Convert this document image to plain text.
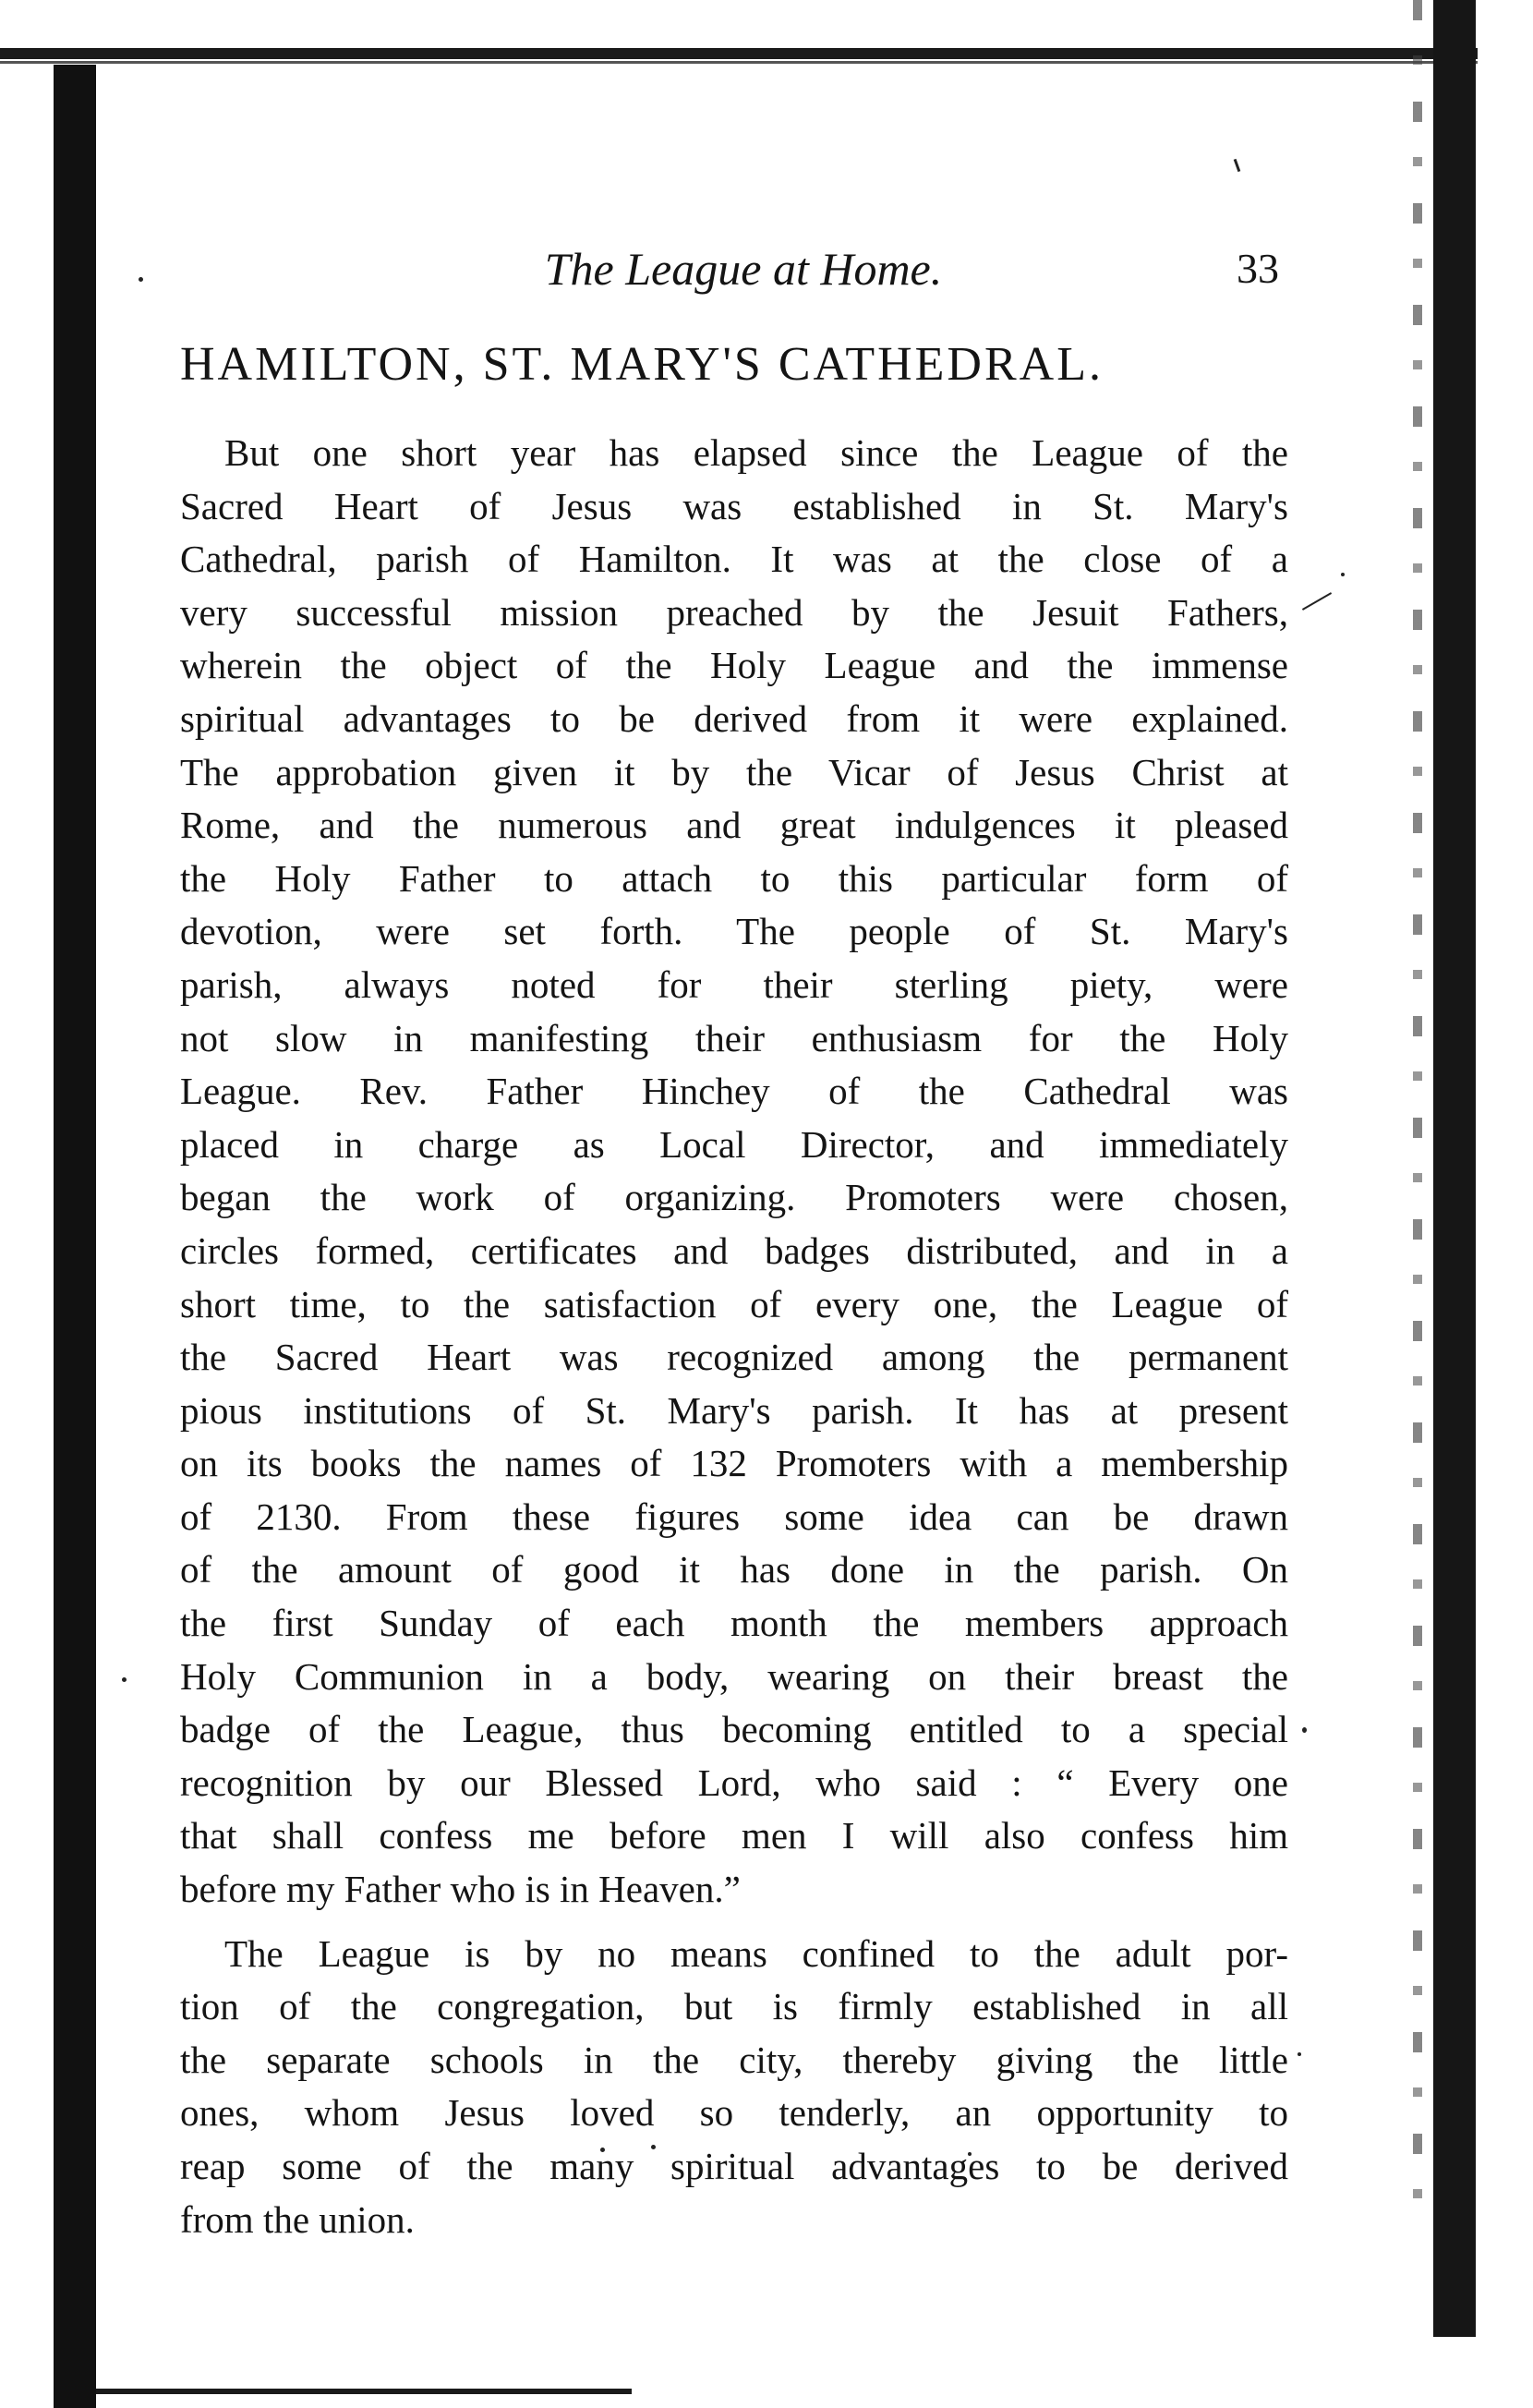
The League at Home.	33
HAMILTON, ST. MARY'S CATHEDRAL.

But one short year has elapsed since the League of the
Sacred Heart of Jesus was established in St. Mary's
Cathedral, parish of Hamilton. It was at the close of a
very successful mission preached by the Jesuit Fathers,
wherein the object of the Holy League and the immense
spiritual advantages to be derived from it were explained.
The approbation given it by the Vicar of Jesus Christ at
Rome, and the numerous and great indulgences it pleased
the Holy Father to attach to this particular form of
devotion, were set forth. The people of St. Mary's
parish, always noted for their sterling piety, were
not slow in manifesting their enthusiasm for the Holy
League. Rev. Father Hinchey of the Cathedral was
placed in charge as Local Director, and immediately
began the work of organizing. Promoters were chosen,
circles formed, certificates and badges distributed, and in a
short time, to the satisfaction of every one, the League of
the Sacred Heart was recognized among the permanent
pious institutions of St. Mary's parish. It has at present
on its books the names of 132 Promoters with a membership
of 2130. From these figures some idea can be drawn
of the amount of good it has done in the parish. On
the first Sunday of each month the members approach
Holy Communion in a body, wearing on their breast the
badge of the League, thus becoming entitled to a special
recognition by our Blessed Lord, who said : “ Every one
that shall confess me before men I will also confess him
before my Father who is in Heaven.”

The League is by no means confined to the adult por-
tion of the congregation, but is firmly established in all
the separate schools in the city, thereby giving the little
ones, whom Jesus loved so tenderly, an opportunity to
reap some of the many spiritual advantages to be derived
from the union.
